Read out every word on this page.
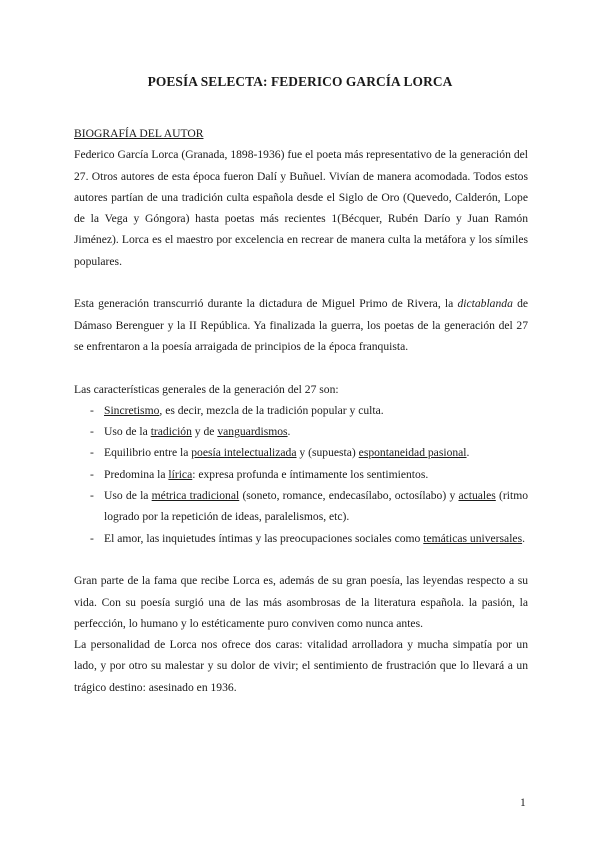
POESÍA SELECTA: FEDERICO GARCÍA LORCA

BIOGRAFÍA DEL AUTOR

Federico García Lorca (Granada, 1898-1936) fue el poeta más representativo de la generación del 27. Otros autores de esta época fueron Dalí y Buñuel. Vivían de manera acomodada. Todos estos autores partían de una tradición culta española desde el Siglo de Oro (Quevedo, Calderón, Lope de la Vega y Góngora) hasta poetas más recientes 1(Bécquer, Rubén Darío y Juan Ramón Jiménez). Lorca es el maestro por excelencia en recrear de manera culta la metáfora y los símiles populares.

Esta generación transcurrió durante la dictadura de Miguel Primo de Rivera, la dictablanda de Dámaso Berenguer y la II República. Ya finalizada la guerra, los poetas de la generación del 27 se enfrentaron a la poesía arraigada de principios de la época franquista.

Las características generales de la generación del 27 son:

- Sincretismo, es decir, mezcla de la tradición popular y culta.
- Uso de la tradición y de vanguardismos.
- Equilibrio entre la poesía intelectualizada y (supuesta) espontaneidad pasional.
- Predomina la lírica: expresa profunda e íntimamente los sentimientos.
- Uso de la métrica tradicional (soneto, romance, endecasílabo, octosílabo) y actuales (ritmo logrado por la repetición de ideas, paralelismos, etc).
- El amor, las inquietudes íntimas y las preocupaciones sociales como temáticas universales.

Gran parte de la fama que recibe Lorca es, además de su gran poesía, las leyendas respecto a su vida. Con su poesía surgió una de las más asombrosas de la literatura española. la pasión, la perfección, lo humano y lo estéticamente puro conviven como nunca antes.

La personalidad de Lorca nos ofrece dos caras: vitalidad arrolladora y mucha simpatía por un lado, y por otro su malestar y su dolor de vivir; el sentimiento de frustración que lo llevará a un trágico destino: asesinado en 1936.

1
